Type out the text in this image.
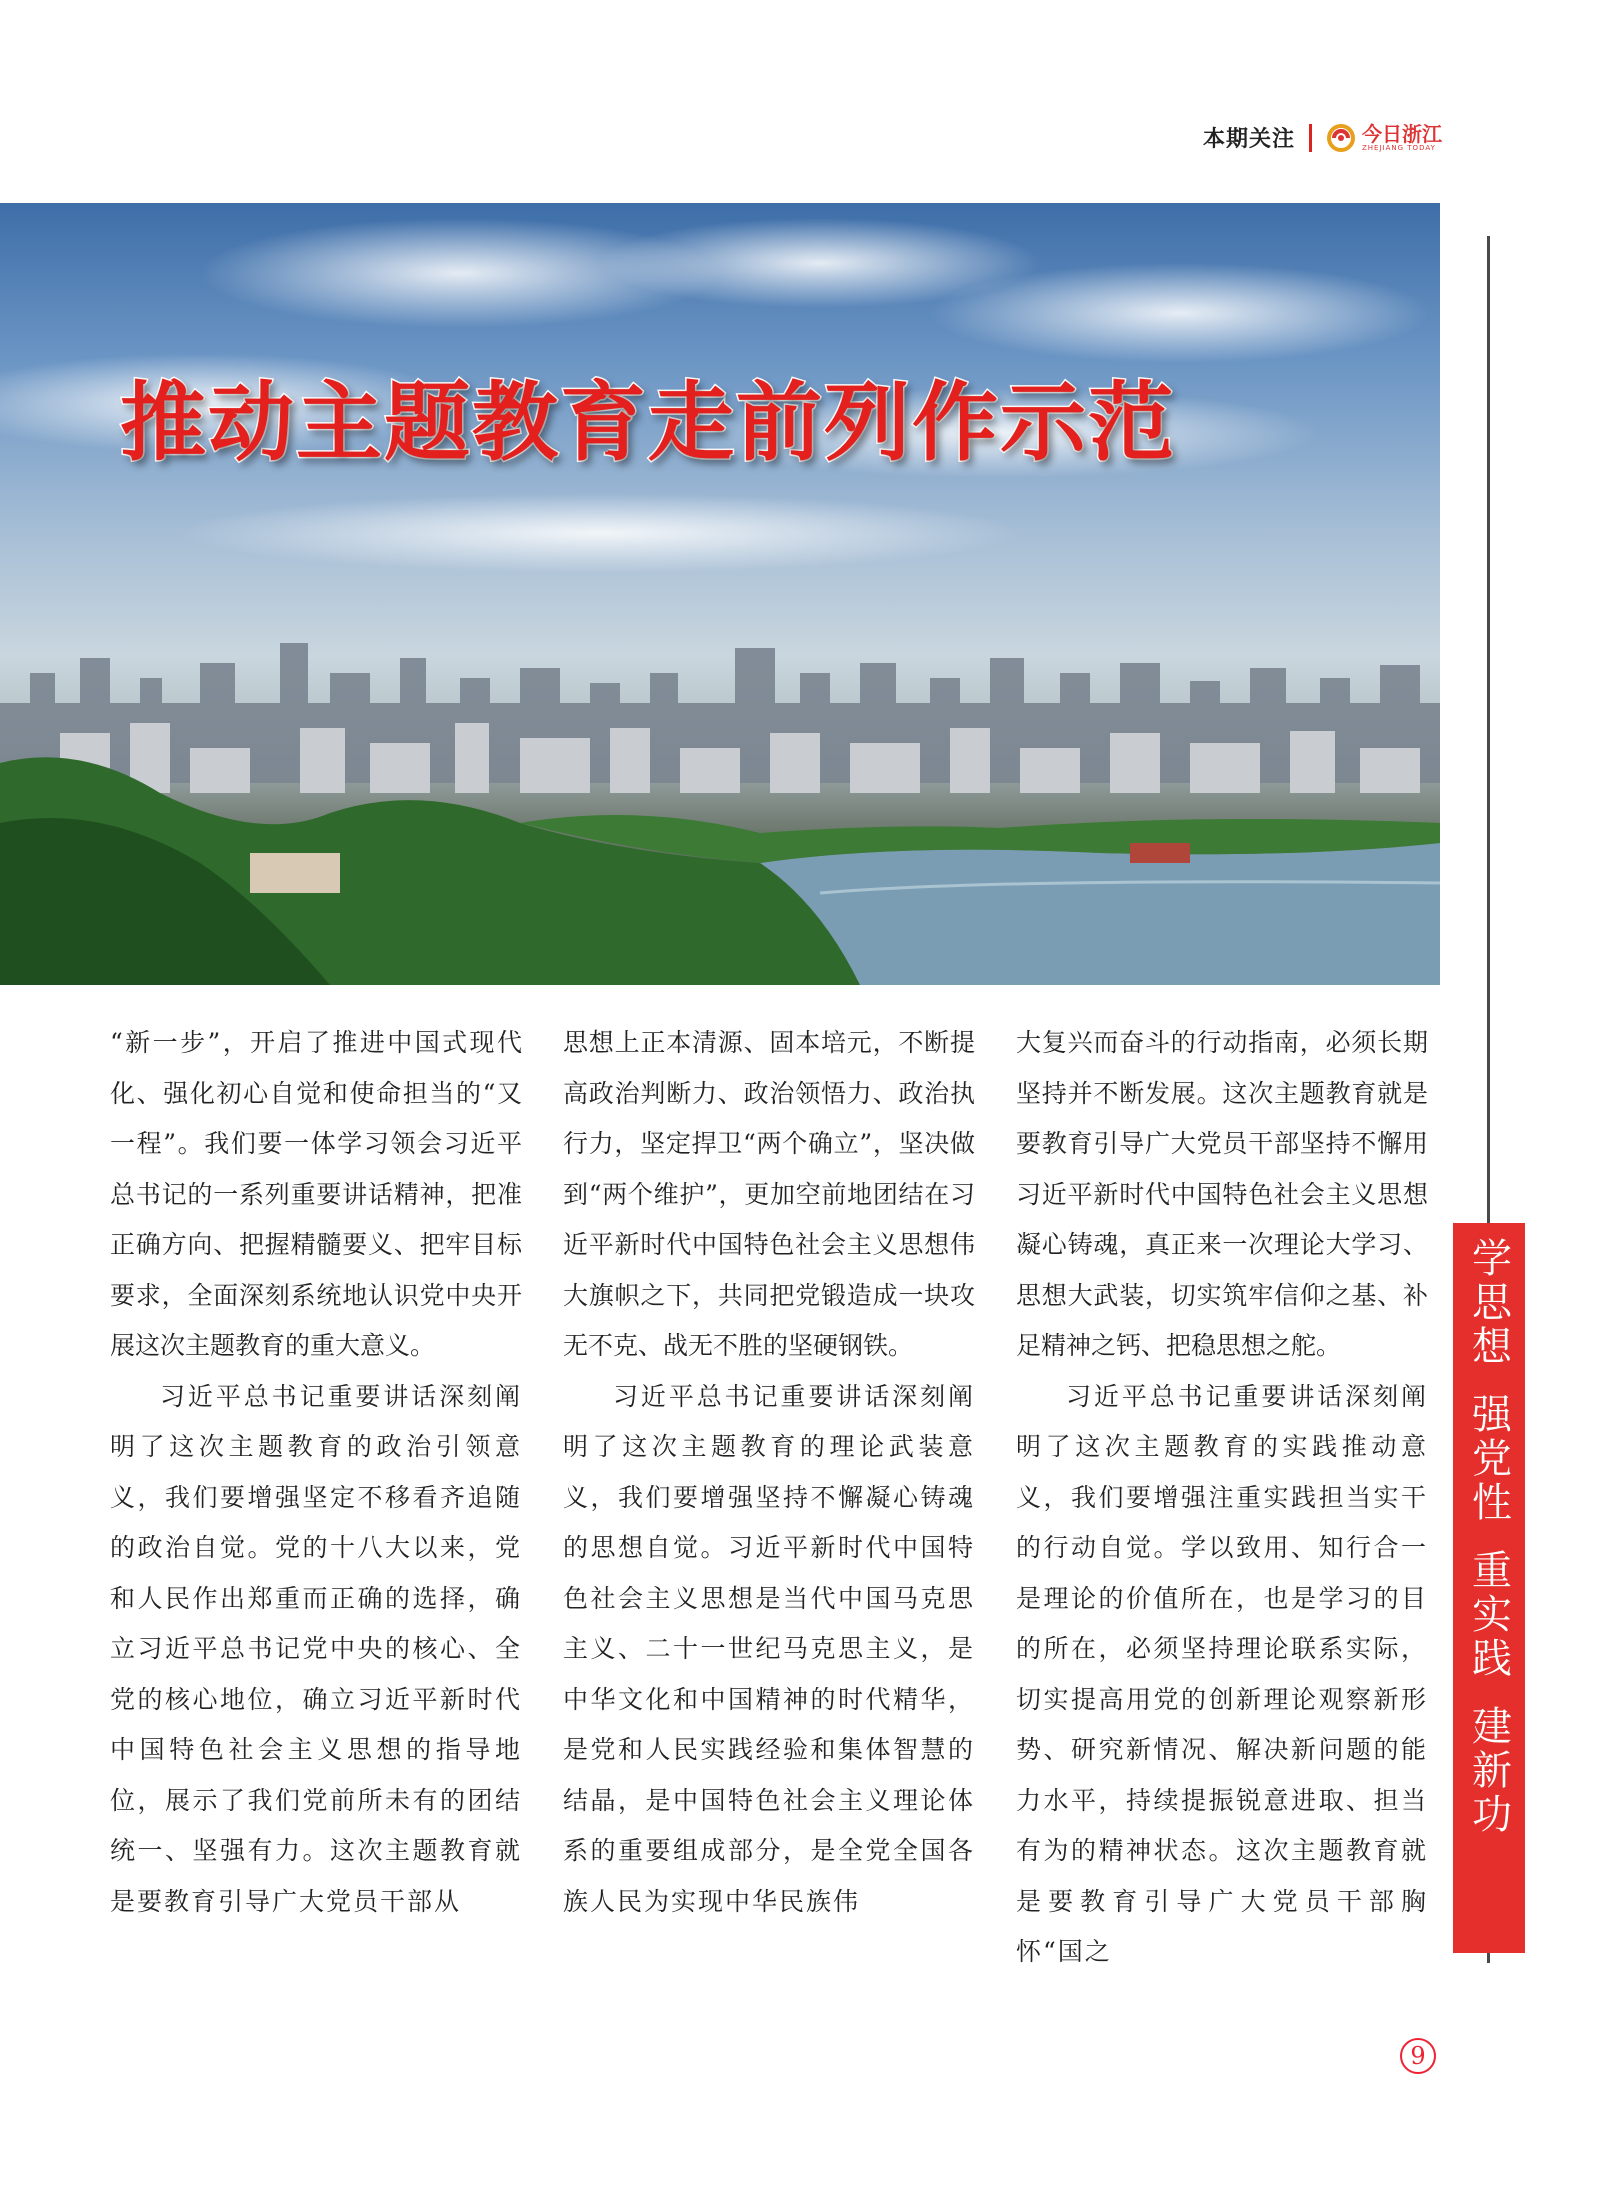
本期关注	今日浙江
ZHEJIANG TODAY
推动主题教育走前列作示范
学思想
强党性
重实践
建新功

“新一步”，开启了推进中国式现代化、强化初心自觉和使命担当的“又一程”。我们要一体学习领会习近平总书记的一系列重要讲话精神，把准正确方向、把握精髓要义、把牢目标要求，全面深刻系统地认识党中央开展这次主题教育的重大意义。

习近平总书记重要讲话深刻阐明了这次主题教育的政治引领意义，我们要增强坚定不移看齐追随的政治自觉。党的十八大以来，党和人民作出郑重而正确的选择，确立习近平总书记党中央的核心、全党的核心地位，确立习近平新时代中国特色社会主义思想的指导地位，展示了我们党前所未有的团结统一、坚强有力。这次主题教育就是要教育引导广大党员干部从

思想上正本清源、固本培元，不断提高政治判断力、政治领悟力、政治执行力，坚定捍卫“两个确立”，坚决做到“两个维护”，更加空前地团结在习近平新时代中国特色社会主义思想伟大旗帜之下，共同把党锻造成一块攻无不克、战无不胜的坚硬钢铁。

习近平总书记重要讲话深刻阐明了这次主题教育的理论武装意义，我们要增强坚持不懈凝心铸魂的思想自觉。习近平新时代中国特色社会主义思想是当代中国马克思主义、二十一世纪马克思主义，是中华文化和中国精神的时代精华，是党和人民实践经验和集体智慧的结晶，是中国特色社会主义理论体系的重要组成部分，是全党全国各族人民为实现中华民族伟

大复兴而奋斗的行动指南，必须长期坚持并不断发展。这次主题教育就是要教育引导广大党员干部坚持不懈用习近平新时代中国特色社会主义思想凝心铸魂，真正来一次理论大学习、思想大武装，切实筑牢信仰之基、补足精神之钙、把稳思想之舵。

习近平总书记重要讲话深刻阐明了这次主题教育的实践推动意义，我们要增强注重实践担当实干的行动自觉。学以致用、知行合一是理论的价值所在，也是学习的目的所在，必须坚持理论联系实际，切实提高用党的创新理论观察新形势、研究新情况、解决新问题的能力水平，持续提振锐意进取、担当有为的精神状态。这次主题教育就是要教育引导广大党员干部胸怀“国之

9
